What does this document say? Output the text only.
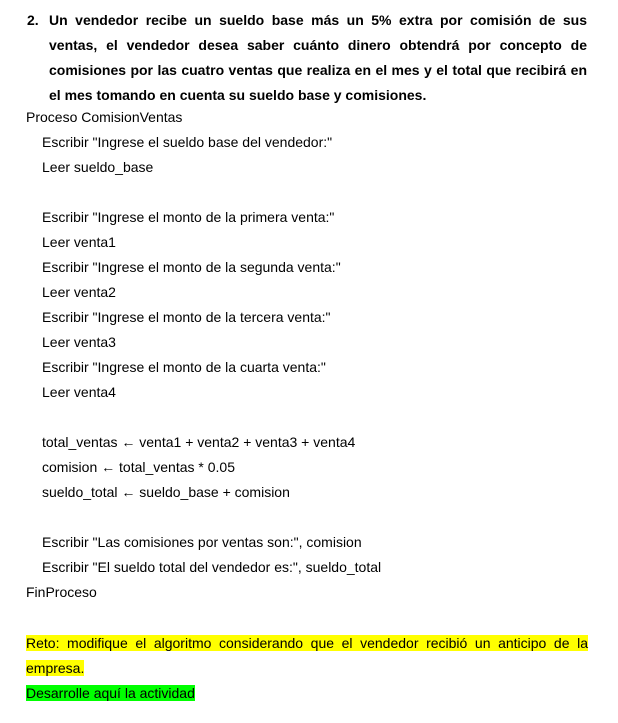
2. Un vendedor recibe un sueldo base más un 5% extra por comisión de sus ventas, el vendedor desea saber cuánto dinero obtendrá por concepto de comisiones por las cuatro ventas que realiza en el mes y el total que recibirá en el mes tomando en cuenta su sueldo base y comisiones.
Proceso ComisionVentas
Escribir "Ingrese el sueldo base del vendedor:"
Leer sueldo_base
Escribir "Ingrese el monto de la primera venta:"
Leer venta1
Escribir "Ingrese el monto de la segunda venta:"
Leer venta2
Escribir "Ingrese el monto de la tercera venta:"
Leer venta3
Escribir "Ingrese el monto de la cuarta venta:"
Leer venta4
total_ventas ← venta1 + venta2 + venta3 + venta4
comision ← total_ventas * 0.05
sueldo_total ← sueldo_base + comision
Escribir "Las comisiones por ventas son:", comision
Escribir "El sueldo total del vendedor es:", sueldo_total
FinProceso
Reto: modifique el algoritmo considerando que el vendedor recibió un anticipo de la empresa.
Desarrolle aquí la actividad
